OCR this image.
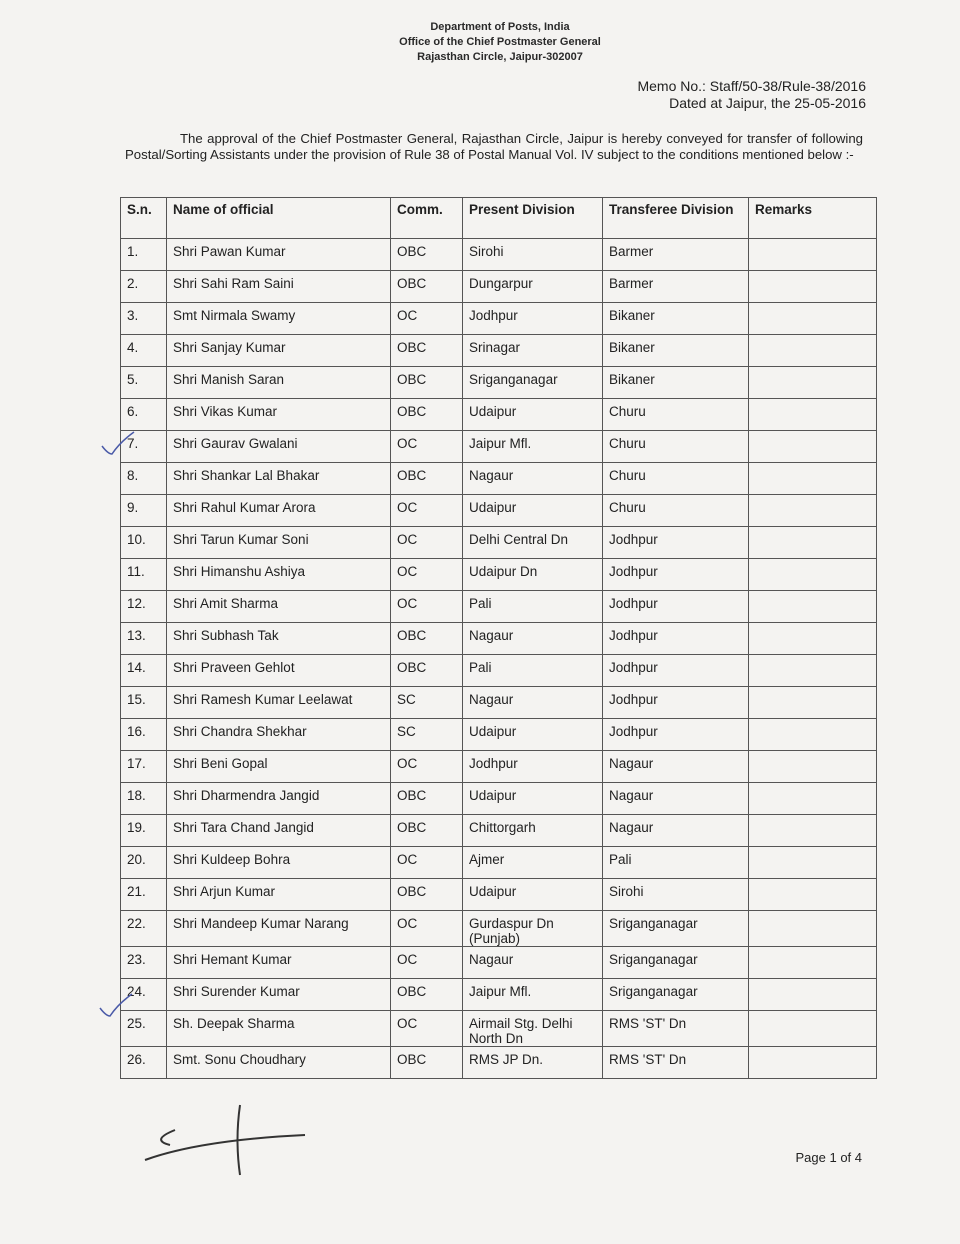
Department of Posts, India
Office of the Chief Postmaster General
Rajasthan Circle, Jaipur-302007
Memo No.: Staff/50-38/Rule-38/2016
Dated at Jaipur, the 25-05-2016
The approval of the Chief Postmaster General, Rajasthan Circle, Jaipur is hereby conveyed for transfer of following Postal/Sorting Assistants under the provision of Rule 38 of Postal Manual Vol. IV subject to the conditions mentioned below :-
S.n.	Name of official	Comm.	Present Division	Transferee Division	Remarks
1.	Shri Pawan Kumar	OBC	Sirohi	Barmer	
2.	Shri Sahi Ram Saini	OBC	Dungarpur	Barmer	
3.	Smt Nirmala Swamy	OC	Jodhpur	Bikaner	
4.	Shri Sanjay Kumar	OBC	Srinagar	Bikaner	
5.	Shri Manish Saran	OBC	Sriganganagar	Bikaner	
6.	Shri Vikas Kumar	OBC	Udaipur	Churu	
7.	Shri Gaurav Gwalani	OC	Jaipur Mfl.	Churu	
8.	Shri Shankar Lal Bhakar	OBC	Nagaur	Churu	
9.	Shri Rahul Kumar Arora	OC	Udaipur	Churu	
10.	Shri Tarun Kumar Soni	OC	Delhi Central Dn	Jodhpur	
11.	Shri Himanshu Ashiya	OC	Udaipur Dn	Jodhpur	
12.	Shri Amit Sharma	OC	Pali	Jodhpur	
13.	Shri Subhash Tak	OBC	Nagaur	Jodhpur	
14.	Shri Praveen Gehlot	OBC	Pali	Jodhpur	
15.	Shri Ramesh Kumar Leelawat	SC	Nagaur	Jodhpur	
16.	Shri Chandra Shekhar	SC	Udaipur	Jodhpur	
17.	Shri Beni Gopal	OC	Jodhpur	Nagaur	
18.	Shri Dharmendra Jangid	OBC	Udaipur	Nagaur	
19.	Shri Tara Chand Jangid	OBC	Chittorgarh	Nagaur	
20.	Shri Kuldeep Bohra	OC	Ajmer	Pali	
21.	Shri Arjun Kumar	OBC	Udaipur	Sirohi	
22.	Shri Mandeep Kumar Narang	OC	Gurdaspur Dn (Punjab)	Sriganganagar	
23.	Shri Hemant Kumar	OC	Nagaur	Sriganganagar	
24.	Shri Surender Kumar	OBC	Jaipur Mfl.	Sriganganagar	
25.	Sh. Deepak Sharma	OC	Airmail Stg. Delhi North Dn	RMS 'ST' Dn	
26.	Smt. Sonu Choudhary	OBC	RMS JP Dn.	RMS 'ST' Dn	
Page 1 of 4
